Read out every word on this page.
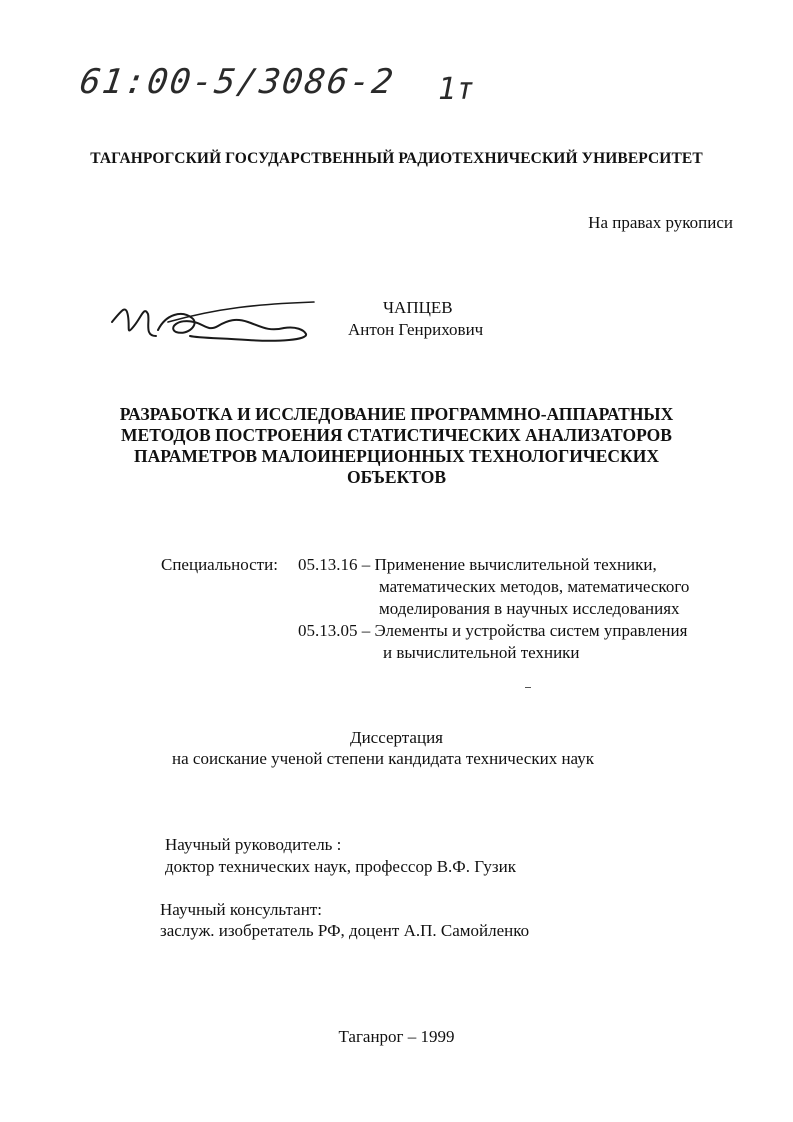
61:00-5/3086-2 1т
ТАГАНРОГСКИЙ ГОСУДАРСТВЕННЫЙ РАДИОТЕХНИЧЕСКИЙ УНИВЕРСИТЕТ
На правах рукописи
ЧАПЦЕВ
Антон Генрихович
РАЗРАБОТКА И ИССЛЕДОВАНИЕ ПРОГРАММНО-АППАРАТНЫХ
МЕТОДОВ ПОСТРОЕНИЯ СТАТИСТИЧЕСКИХ АНАЛИЗАТОРОВ
ПАРАМЕТРОВ МАЛОИНЕРЦИОННЫХ ТЕХНОЛОГИЧЕСКИХ
ОБЪЕКТОВ
Специальности: 05.13.16 – Применение вычислительной техники,
математических методов, математического
моделирования в научных исследованиях
05.13.05 – Элементы и устройства систем управления
и вычислительной техники
Диссертация
на соискание ученой степени кандидата технических наук
Научный руководитель :
доктор технических наук, профессор В.Ф. Гузик
Научный консультант:
заслуж. изобретатель РФ, доцент А.П. Самойленко
Таганрог – 1999
